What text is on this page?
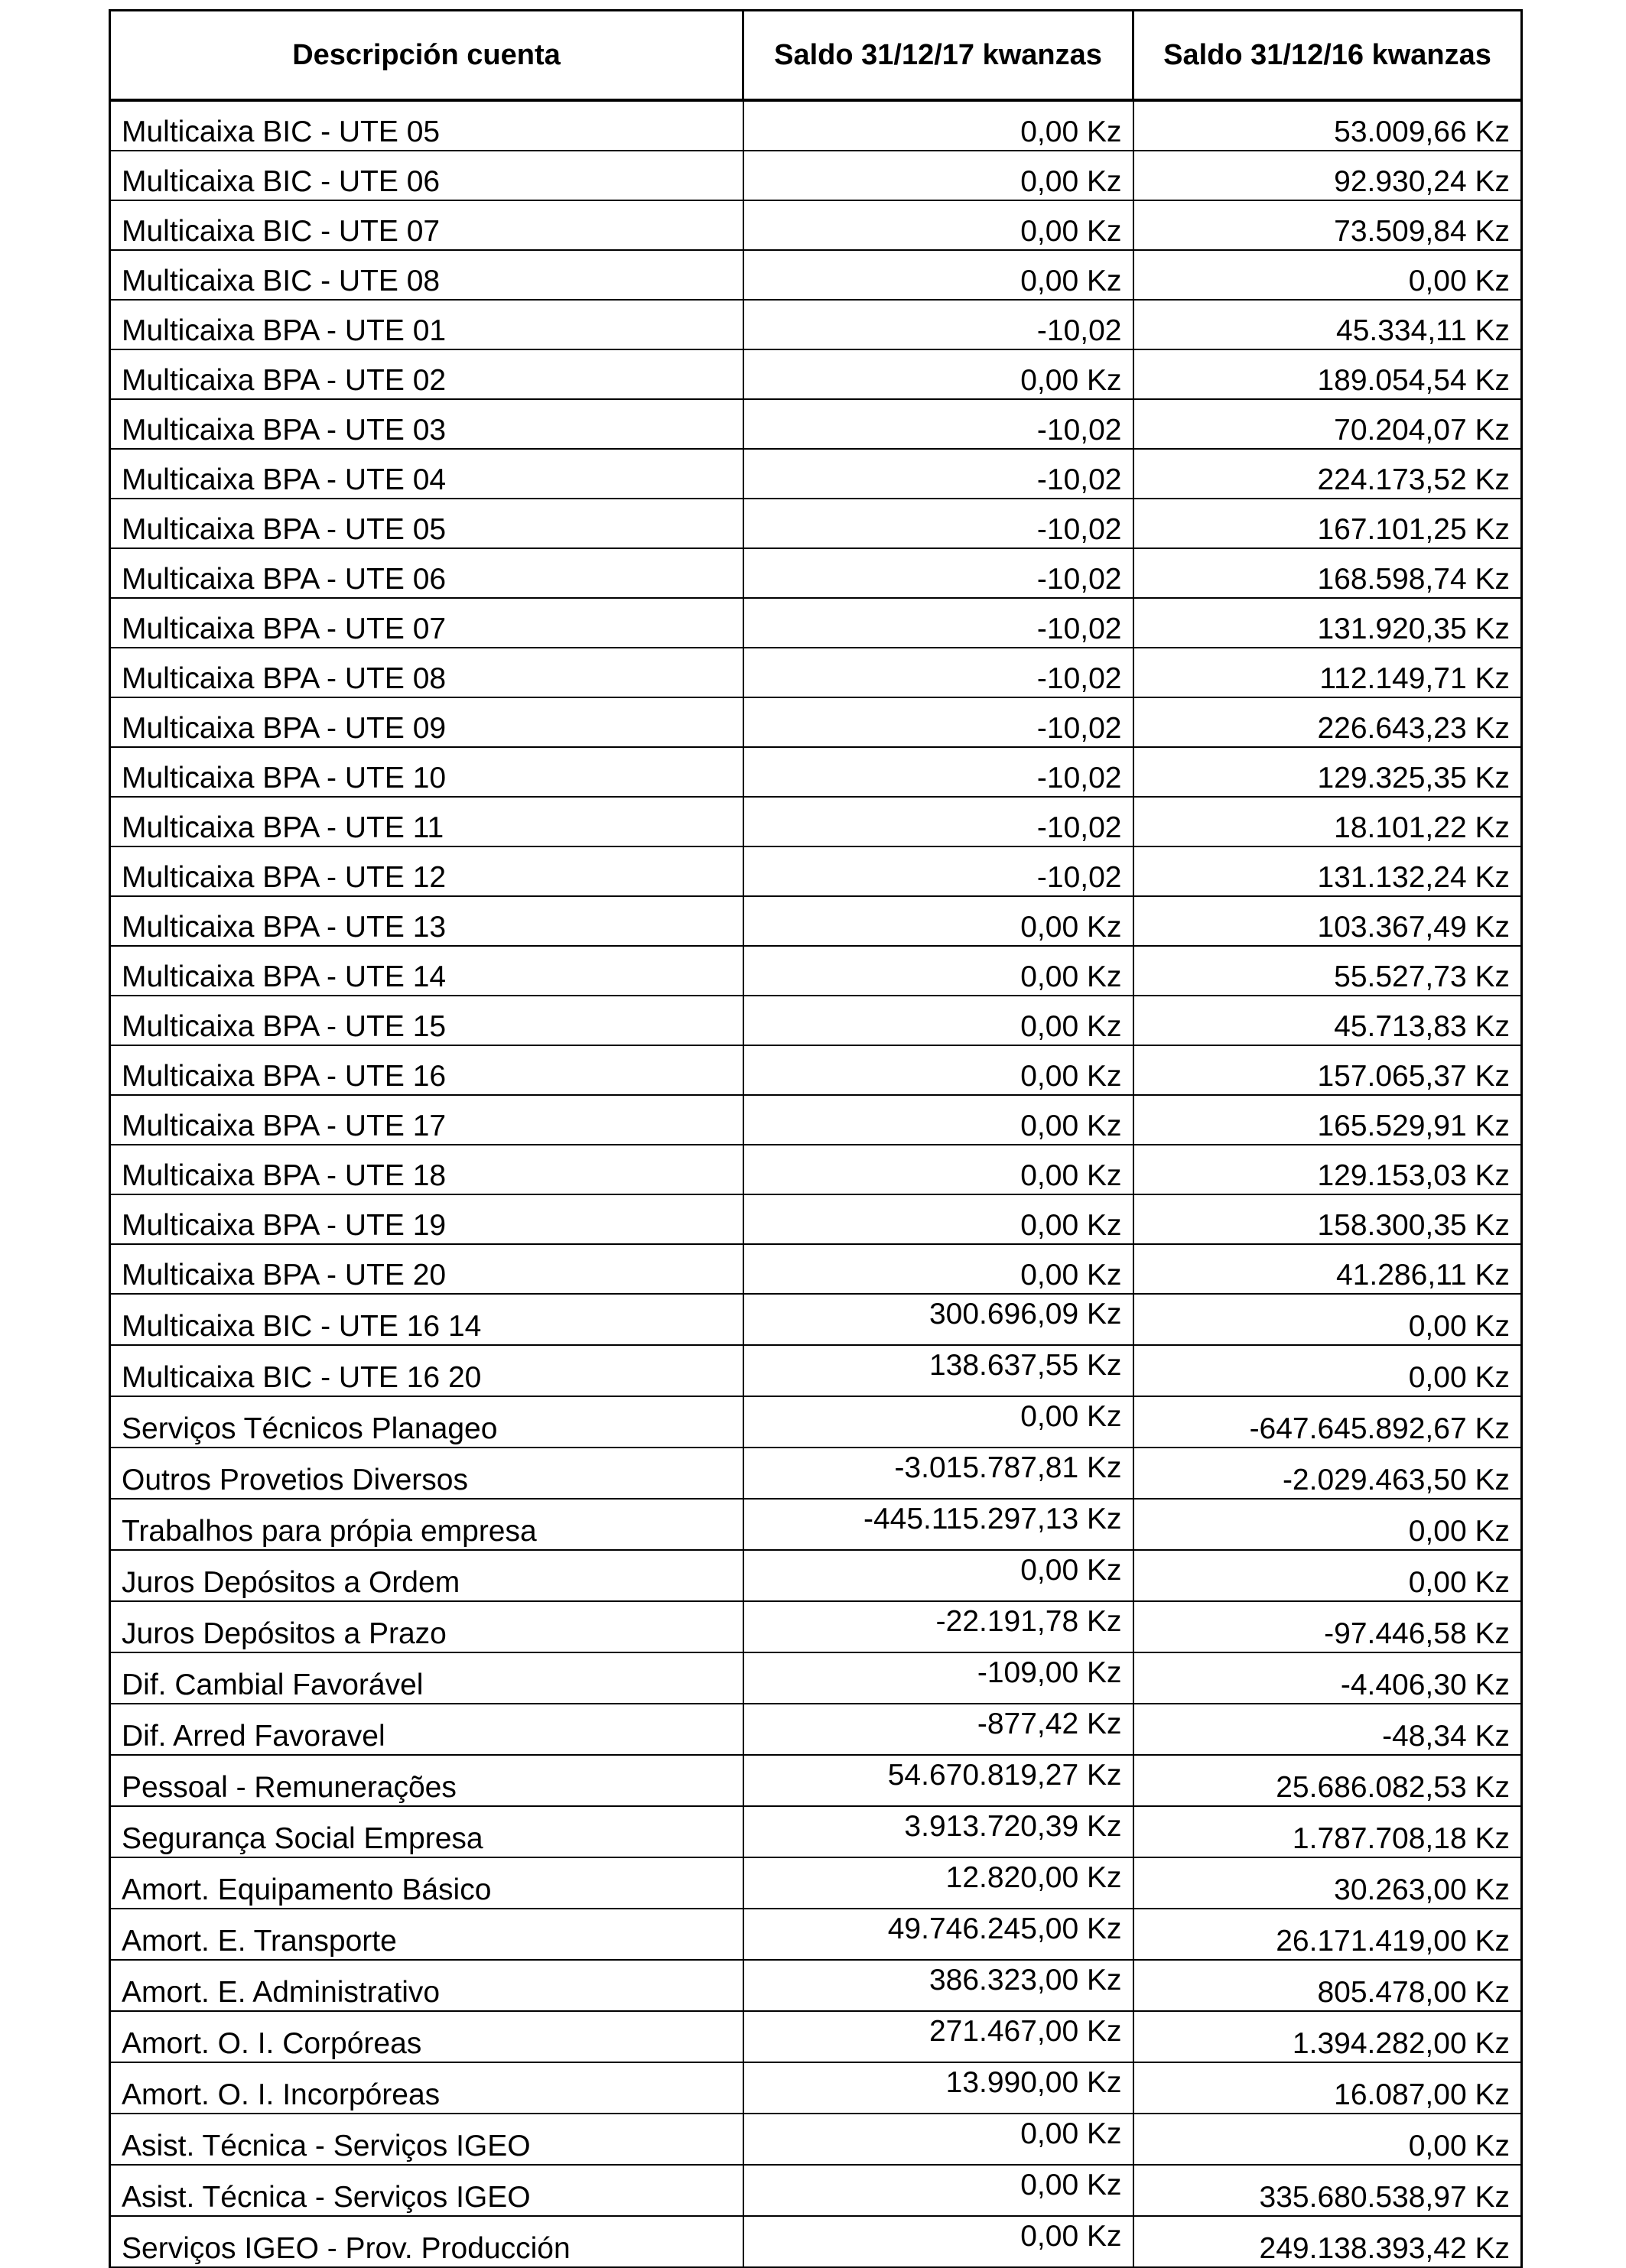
Descripción cuenta	Saldo 31/12/17 kwanzas	Saldo 31/12/16 kwanzas
Multicaixa BIC - UTE 05	0,00 Kz	53.009,66 Kz
Multicaixa BIC - UTE 06	0,00 Kz	92.930,24 Kz
Multicaixa BIC - UTE 07	0,00 Kz	73.509,84 Kz
Multicaixa BIC - UTE 08	0,00 Kz	0,00 Kz
Multicaixa BPA - UTE 01	-10,02	45.334,11 Kz
Multicaixa BPA - UTE 02	0,00 Kz	189.054,54 Kz
Multicaixa BPA - UTE 03	-10,02	70.204,07 Kz
Multicaixa BPA - UTE 04	-10,02	224.173,52 Kz
Multicaixa BPA - UTE 05	-10,02	167.101,25 Kz
Multicaixa BPA - UTE 06	-10,02	168.598,74 Kz
Multicaixa BPA - UTE 07	-10,02	131.920,35 Kz
Multicaixa BPA - UTE 08	-10,02	112.149,71 Kz
Multicaixa BPA - UTE 09	-10,02	226.643,23 Kz
Multicaixa BPA - UTE 10	-10,02	129.325,35 Kz
Multicaixa BPA - UTE 11	-10,02	18.101,22 Kz
Multicaixa BPA - UTE 12	-10,02	131.132,24 Kz
Multicaixa BPA - UTE 13	0,00 Kz	103.367,49 Kz
Multicaixa BPA - UTE 14	0,00 Kz	55.527,73 Kz
Multicaixa BPA - UTE 15	0,00 Kz	45.713,83 Kz
Multicaixa BPA - UTE 16	0,00 Kz	157.065,37 Kz
Multicaixa BPA - UTE 17	0,00 Kz	165.529,91 Kz
Multicaixa BPA - UTE 18	0,00 Kz	129.153,03 Kz
Multicaixa BPA - UTE 19	0,00 Kz	158.300,35 Kz
Multicaixa BPA - UTE 20	0,00 Kz	41.286,11 Kz
Multicaixa BIC - UTE 16 14	300.696,09 Kz	0,00 Kz
Multicaixa BIC - UTE 16 20	138.637,55 Kz	0,00 Kz
Serviços Técnicos Planageo	0,00 Kz	-647.645.892,67 Kz
Outros Provetios Diversos	-3.015.787,81 Kz	-2.029.463,50 Kz
Trabalhos para própia empresa	-445.115.297,13 Kz	0,00 Kz
Juros Depósitos a Ordem	0,00 Kz	0,00 Kz
Juros Depósitos a Prazo	-22.191,78 Kz	-97.446,58 Kz
Dif. Cambial Favorável	-109,00 Kz	-4.406,30 Kz
Dif. Arred Favoravel	-877,42 Kz	-48,34 Kz
Pessoal - Remunerações	54.670.819,27 Kz	25.686.082,53 Kz
Segurança Social Empresa	3.913.720,39 Kz	1.787.708,18 Kz
Amort. Equipamento Básico	12.820,00 Kz	30.263,00 Kz
Amort. E. Transporte	49.746.245,00 Kz	26.171.419,00 Kz
Amort. E. Administrativo	386.323,00 Kz	805.478,00 Kz
Amort. O. I. Corpóreas	271.467,00 Kz	1.394.282,00 Kz
Amort. O. I. Incorpóreas	13.990,00 Kz	16.087,00 Kz
Asist. Técnica - Serviços IGEO	0,00 Kz	0,00 Kz
Asist. Técnica - Serviços IGEO	0,00 Kz	335.680.538,97 Kz
Serviços IGEO - Prov. Producción	0,00 Kz	249.138.393,42 Kz
